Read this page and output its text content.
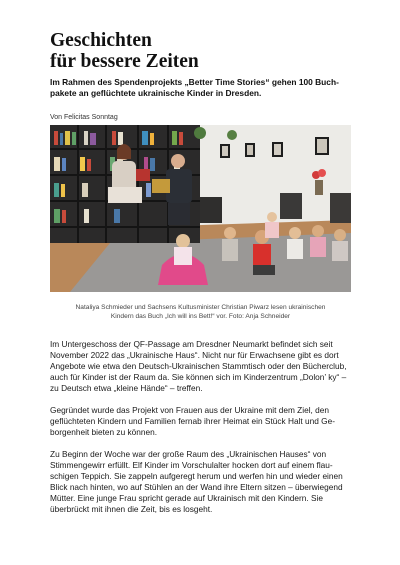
Geschichten
für bessere Zeiten

Im Rahmen des Spendenprojekts „Better Time Stories“ gehen 100 Buchpakete an geflüchtete ukrainische Kinder in Dresden.

Von Felicitas Sonntag

Nataliya Schmieder und Sachsens Kultusminister Christian Piwarz lesen ukrainischen
Kindern das Buch „Ich will ins Bett!“ vor. Foto: Anja Schneider

Im Untergeschoss der QF-Passage am Dresdner Neumarkt befindet sich seit November 2022 das „Ukrainische Haus“. Nicht nur für Erwachsene gibt es dort Angebote wie etwa den Deutsch-Ukrainischen Stammtisch oder den Bücherclub, auch für Kinder ist der Raum da. Sie können sich im Kinderzentrum „Dolon’ ky“ – zu Deutsch etwa „kleine Hände“ – treffen.

Gegründet wurde das Projekt von Frauen aus der Ukraine mit dem Ziel, den geflüchteten Kindern und Familien fernab ihrer Heimat ein Stück Halt und Geborgenheit bieten zu können.

Zu Beginn der Woche war der große Raum des „Ukrainischen Hauses“ von Stimmengewirr erfüllt. Elf Kinder im Vorschulalter hocken dort auf einem flauschigen Teppich. Sie zappeln aufgeregt herum und werfen hin und wieder einen Blick nach hinten, wo auf Stühlen an der Wand ihre Eltern sitzen – überwiegend Mütter. Eine junge Frau spricht gerade auf Ukrainisch mit den Kindern. Sie überbrückt mit ihnen die Zeit, bis es losgeht.
